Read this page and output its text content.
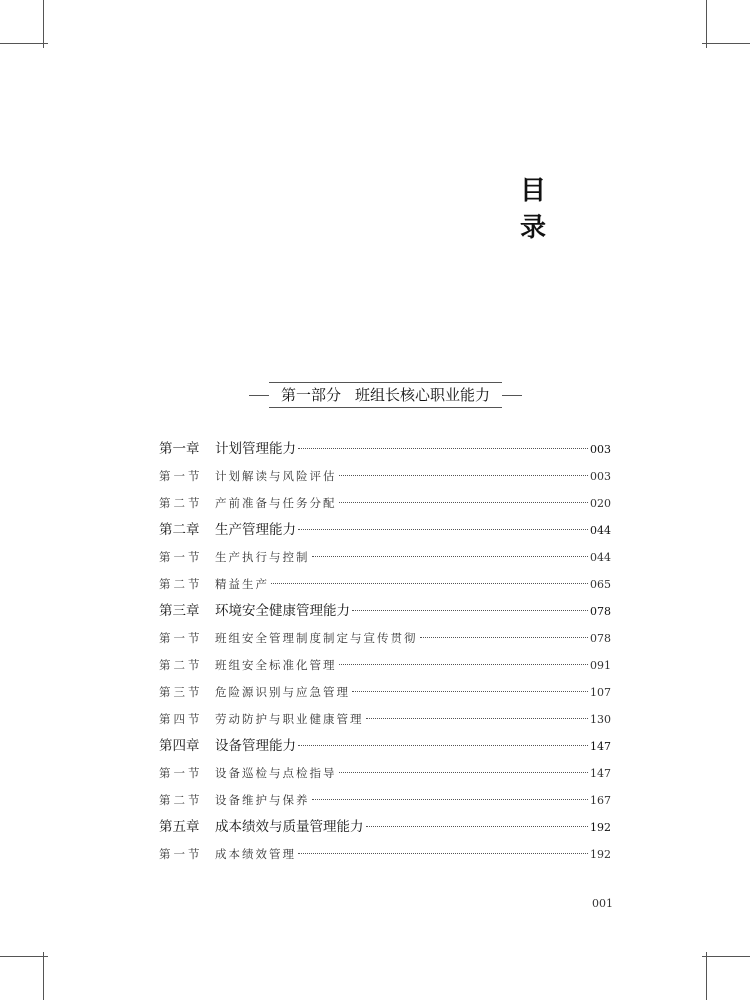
目 录
第一部分 班组长核心职业能力
第一章	计划管理能力	003
第一节	计划解读与风险评估	003
第二节	产前准备与任务分配	020
第二章	生产管理能力	044
第一节	生产执行与控制	044
第二节	精益生产	065
第三章	环境安全健康管理能力	078
第一节	班组安全管理制度制定与宣传贯彻	078
第二节	班组安全标准化管理	091
第三节	危险源识别与应急管理	107
第四节	劳动防护与职业健康管理	130
第四章	设备管理能力	147
第一节	设备巡检与点检指导	147
第二节	设备维护与保养	167
第五章	成本绩效与质量管理能力	192
第一节	成本绩效管理	192
001
